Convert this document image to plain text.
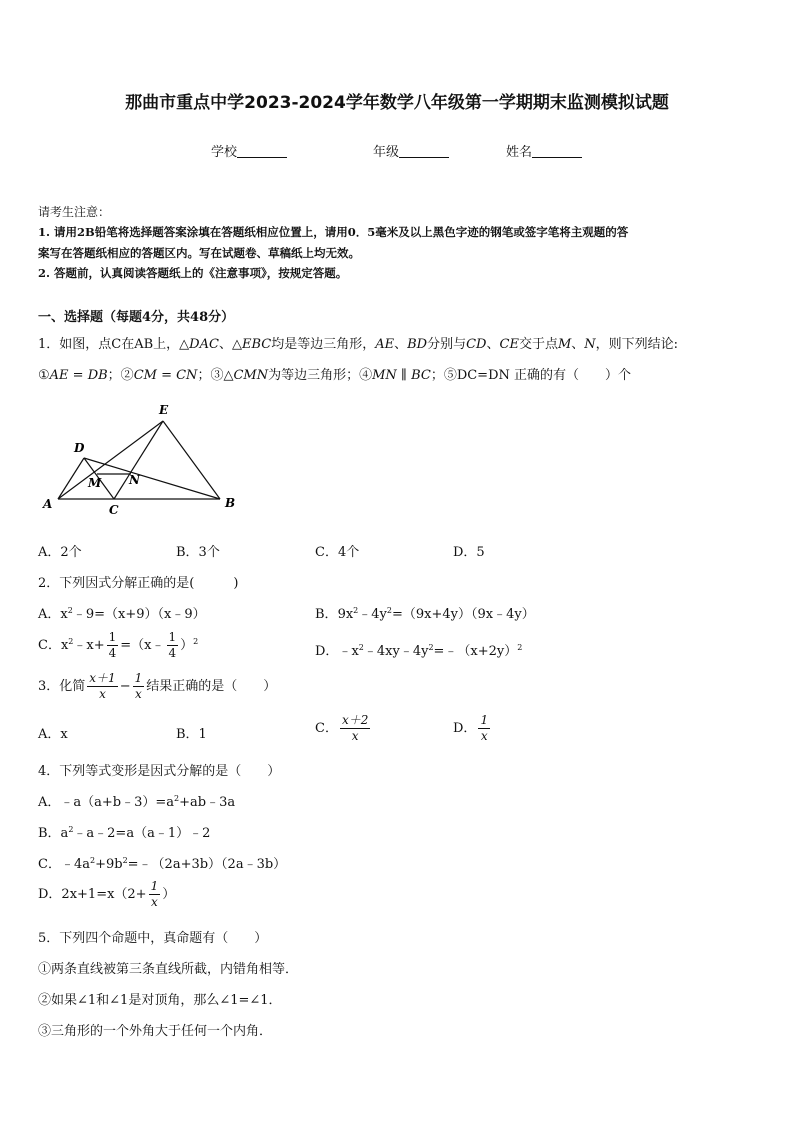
那曲市重点中学2023-2024学年数学八年级第一学期期末监测模拟试题
学校	年级	姓名
请考生注意：
1. 请用2B铅笔将选择题答案涂填在答题纸相应位置上，请用0．5毫米及以上黑色字迹的钢笔或签字笔将主观题的答
案写在答题纸相应的答题区内。写在试题卷、草稿纸上均无效。
2. 答题前，认真阅读答题纸上的《注意事项》，按规定答题。
一、选择题（每题4分，共48分）
1．如图，点C在AB上，△DAC、△EBC均是等边三角形，AE、BD分别与CD、CE交于点M、N，则下列结论:
①AE = DB；②CM = CN；③△CMN为等边三角形；④MN ∥ BC；⑤DC=DN 正确的有（　　）个
E
D
M N
A	C	B
A．2个	B．3个	C．4个	D．5
2．下列因式分解正确的是(　　　)
A．$x^2﹣9=(x+9)(x﹣9)$	B．$9x^2﹣4y^2=(9x+4y)(9x﹣4y)$
C．$x^2﹣x+ \frac{1}{4}$ =（x﹣ $\frac{1}{4} )^2$
D．$﹣x^2﹣4xy﹣4y^2=﹣(x+2y)^2$
3．化简 $\frac{x+1}{x} - \frac{1}{x}$ 结果正确的是（　　）
A．x	B．1	C． $\frac{x+2}{x}$	D． $\frac{1}{x}$
4．下列等式变形是因式分解的是（　　）
A．$﹣a(a+b﹣3)=a^2+ab﹣3a$
B．$a^2﹣a﹣2=a(a﹣1)﹣2$
C．$﹣4a^2+9b^2=﹣(2a+3b)(2a﹣3b)$
D．$2x+1=x(2+ \frac{1}{x}$ ）
5．下列四个命题中，真命题有（　　）
①两条直线被第三条直线所截，内错角相等．
②如果∠1和∠1是对顶角，那么∠1=∠1．
③三角形的一个外角大于任何一个内角．
